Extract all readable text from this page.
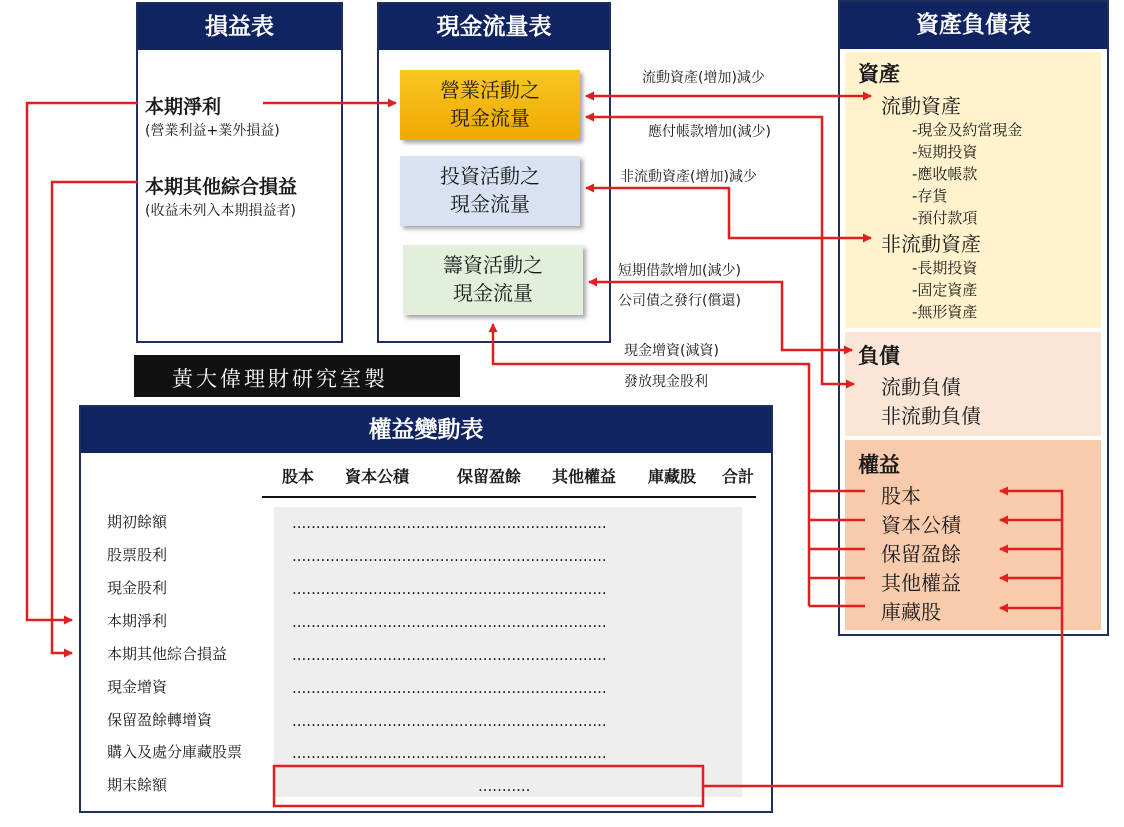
損益表
本期淨利
(營業利益+業外損益)
本期其他綜合損益
(收益未列入本期損益者)
現金流量表
營業活動之
現金流量
投資活動之
現金流量
籌資活動之
現金流量
資產負債表
資產
流動資產
-現金及約當現金
-短期投資
-應收帳款
-存貨
-預付款項
非流動資產
-長期投資
-固定資產
-無形資產
負債
流動負債
非流動負債
權益
股本
資本公積
保留盈餘
其他權益
庫藏股
流動資產(增加)減少
應付帳款增加(減少)
非流動資產(增加)減少
短期借款增加(減少)
公司債之發行(償還)
現金增資(減資)
發放現金股利
黃大偉理財研究室製
權益變動表
股本 資本公積	保留盈餘 其他權益 庫藏股 合計
期初餘額
股票股利
現金股利
本期淨利
本期其他綜合損益
現金增資
保留盈餘轉增資
購入及處分庫藏股票
期末餘額
..................................................................
..................................................................
..................................................................
..................................................................
..................................................................
..................................................................
..................................................................
..................................................................
...........
